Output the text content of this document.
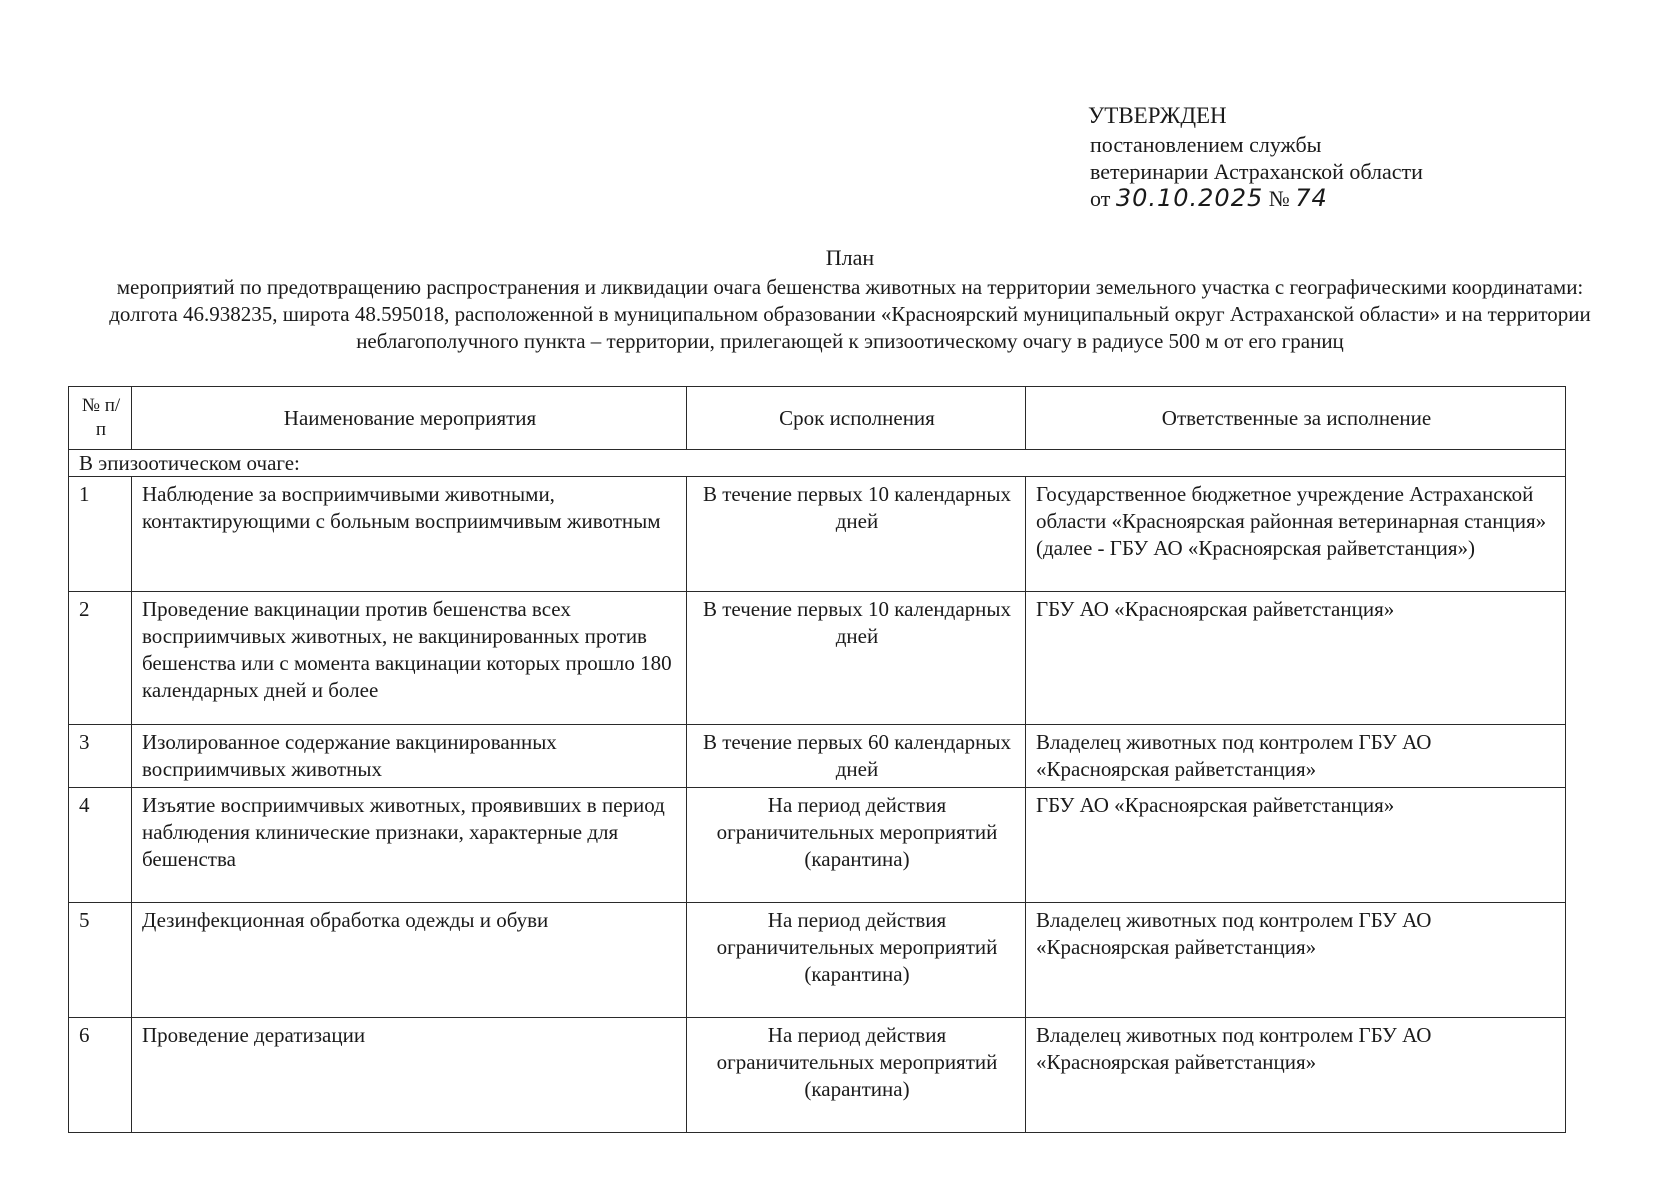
УТВЕРЖДЕН
постановлением службы
ветеринарии Астраханской области
от 30.10.2025 № 74
План
мероприятий по предотвращению распространения и ликвидации очага бешенства животных на территории земельного участка с географическими координатами: долгота 46.938235, широта 48.595018, расположенной в муниципальном образовании «Красноярский муниципальный округ Астраханской области» и на территории неблагополучного пункта – территории, прилегающей к эпизоотическому очагу в радиусе 500 м от его границ
№ п/п	Наименование мероприятия	Срок исполнения	Ответственные за исполнение
В эпизоотическом очаге:			
1	Наблюдение за восприимчивыми животными, контактирующими с больным восприимчивым животным	В течение первых 10 календарных дней	Государственное бюджетное учреждение Астраханской области «Красноярская районная ветеринарная станция» (далее - ГБУ АО «Красноярская райветстанция»)
2	Проведение вакцинации против бешенства всех восприимчивых животных, не вакцинированных против бешенства или с момента вакцинации которых прошло 180 календарных дней и более	В течение первых 10 календарных дней	ГБУ АО «Красноярская райветстанция»
3	Изолированное содержание вакцинированных восприимчивых животных	В течение первых 60 календарных дней	Владелец животных под контролем ГБУ АО «Красноярская райветстанция»
4	Изъятие восприимчивых животных, проявивших в период наблюдения клинические признаки, характерные для бешенства	На период действия ограничительных мероприятий (карантина)	ГБУ АО «Красноярская райветстанция»
5	Дезинфекционная обработка одежды и обуви	На период действия ограничительных мероприятий (карантина)	Владелец животных под контролем ГБУ АО «Красноярская райветстанция»
6	Проведение дератизации	На период действия ограничительных мероприятий (карантина)	Владелец животных под контролем ГБУ АО «Красноярская райветстанция»
